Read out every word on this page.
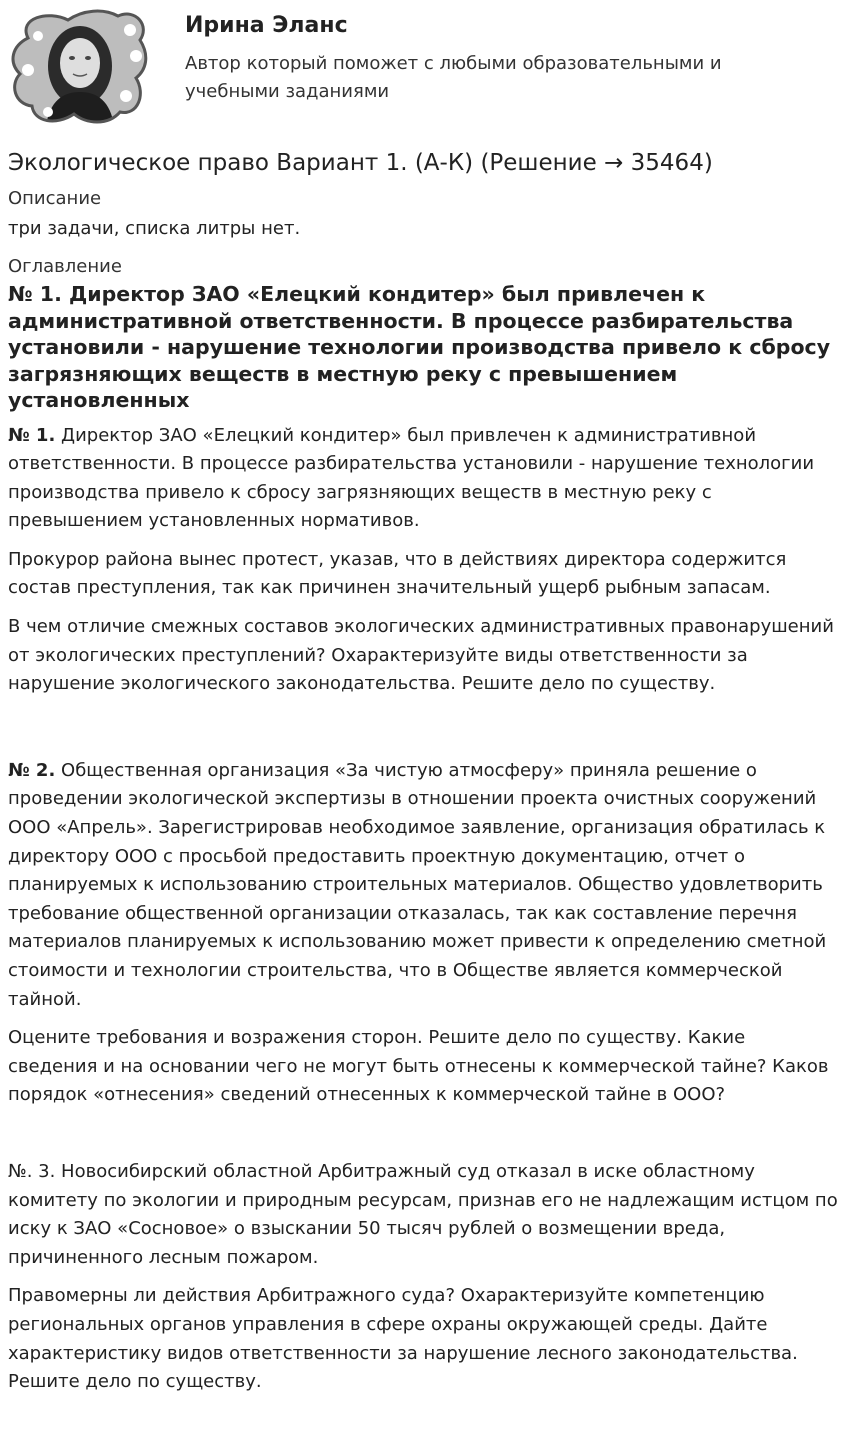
Ирина Эланс

Автор который поможет с любыми образовательными и учебными заданиями

Экологическое право Вариант 1. (А-К) (Решение → 35464)

Описание

три задачи, списка литры нет.

Оглавление

№ 1. Директор ЗАО «Елецкий кондитер» был привлечен к административной ответственности. В процессе разбирательства установили - нарушение технологии производства привело к сбросу загрязняющих веществ в местную реку с превышением установленных

№ 1. Директор ЗАО «Елецкий кондитер» был привлечен к административной ответственности. В процессе разбирательства установили - нарушение технологии производства привело к сбросу загрязняющих веществ в местную реку с превышением установленных нормативов.

Прокурор района вынес протест, указав, что в действиях директора содержится состав преступления, так как причинен значительный ущерб рыбным запасам.

В чем отличие смежных составов экологических административных правонарушений от экологических преступлений? Охарактеризуйте виды ответственности за нарушение экологического законодательства. Решите дело по существу.

№ 2. Общественная организация «За чистую атмосферу» приняла решение о проведении экологической экспертизы в отношении проекта очистных сооружений ООО «Апрель». Зарегистрировав необходимое заявление, организация обратилась к директору ООО с просьбой предоставить проектную документацию, отчет о планируемых к использованию строительных материалов. Общество удовлетворить требование общественной организации отказалась, так как составление перечня материалов планируемых к использованию может привести к определению сметной стоимости и технологии строительства, что в Обществе является коммерческой тайной.

Оцените требования и возражения сторон. Решите дело по существу. Какие сведения и на основании чего не могут быть отнесены к коммерческой тайне? Каков порядок «отнесения» сведений отнесенных к коммерческой тайне в ООО?

№. 3. Новосибирский областной Арбитражный суд отказал в иске областному комитету по экологии и природным ресурсам, признав его не надлежащим истцом по иску к ЗАО «Сосновое» о взыскании 50 тысяч рублей о возмещении вреда, причиненного лесным пожаром.

Правомерны ли действия Арбитражного суда? Охарактеризуйте компетенцию региональных органов управления в сфере охраны окружающей среды. Дайте характеристику видов ответственности за нарушение лесного законодательства. Решите дело по существу.
